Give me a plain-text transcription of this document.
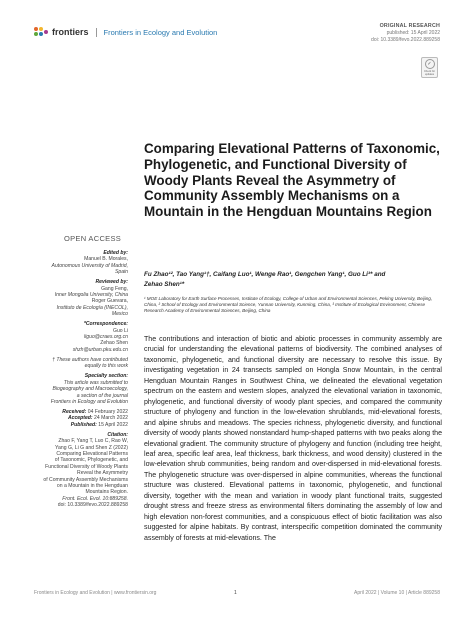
frontiers Frontiers in Ecology and Evolution
ORIGINAL RESEARCH
published: 15 April 2022
doi: 10.3389/fevo.2022.889258
✓
Check for updates
Comparing Elevational Patterns of Taxonomic, Phylogenetic, and Functional Diversity of Woody Plants Reveal the Asymmetry of Community Assembly Mechanisms on a Mountain in the Hengduan Mountains Region
Fu Zhao¹², Tao Yang¹†, Caifang Luo¹, Wenge Rao¹, Gengchen Yang¹, Guo Li³* and
Zehao Shen¹*
¹ MOE Laboratory for Earth Surface Processes, Institute of Ecology, College of Urban and Environmental Sciences, Peking University, Beijing, China, ² School of Ecology and Environmental Science, Yunnan University, Kunming, China, ³ Institute of Ecological Environment, Chinese Research Academy of Environmental Sciences, Beijing, China
OPEN ACCESS
Edited by:
Manuel B. Morales,
Autonomous University of Madrid,
Spain
Reviewed by:
Gang Feng,
Inner Mongolia University, China
Roger Guevara,
Instituto de Ecología (INECOL),
Mexico
*Correspondence:
Guo Li
liguo@craes.org.cn
Zehao Shen
shzh@urban.pku.edu.cn
† These authors have contributed
equally to this work
Specialty section:
This article was submitted to
Biogeography and Macroecology,
a section of the journal
Frontiers in Ecology and Evolution
Received: 04 February 2022
Accepted: 24 March 2022
Published: 15 April 2022
Citation:
Zhao F, Yang T, Luo C, Rao W,
Yang G, Li G and Shen Z (2022)
Comparing Elevational Patterns
of Taxonomic, Phylogenetic, and
Functional Diversity of Woody Plants
Reveal the Asymmetry
of Community Assembly Mechanisms
on a Mountain in the Hengduan
Mountains Region.
Front. Ecol. Evol. 10:889258.
doi: 10.3389/fevo.2022.889258
The contributions and interaction of biotic and abiotic processes in community assembly are crucial for understanding the elevational patterns of biodiversity. The combined analyses of taxonomic, phylogenetic, and functional diversity are necessary to resolve this issue. By investigating vegetation in 24 transects sampled on Hongla Snow Mountain, in the central Hengduan Mountain Ranges in Southwest China, we delineated the elevational vegetation spectrum on the eastern and western slopes, analyzed the elevational variation in taxonomic, phylogenetic, and functional diversity of woody plant species, and compared the community structure of phylogeny and function in the low-elevation shrublands, mid-elevational forests, and alpine shrubs and meadows. The species richness, phylogenetic diversity, and functional diversity of woody plants showed nonstandard hump-shaped patterns with two peaks along the elevational gradient. The community structure of phylogeny and function (including tree height, leaf area, specific leaf area, leaf thickness, bark thickness, and wood density) clustered in the low-elevation shrub communities, being random and over-dispersed in mid-elevational forests. The phylogenetic structure was over-dispersed in alpine communities, whereas the functional structure was clustered. Elevational patterns in taxonomic, phylogenetic, and functional diversity, together with the mean and variation in woody plant functional traits, suggested drought stress and freeze stress as environmental filters dominating the assembly of low and high elevation non-forest communities, and a conspicuous effect of biotic facilitation was also suggested for alpine habitats. By contrast, interspecific competition dominated the community assembly of forests at mid-elevations. The
Frontiers in Ecology and Evolution | www.frontiersin.org	1	April 2022 | Volume 10 | Article 889258
